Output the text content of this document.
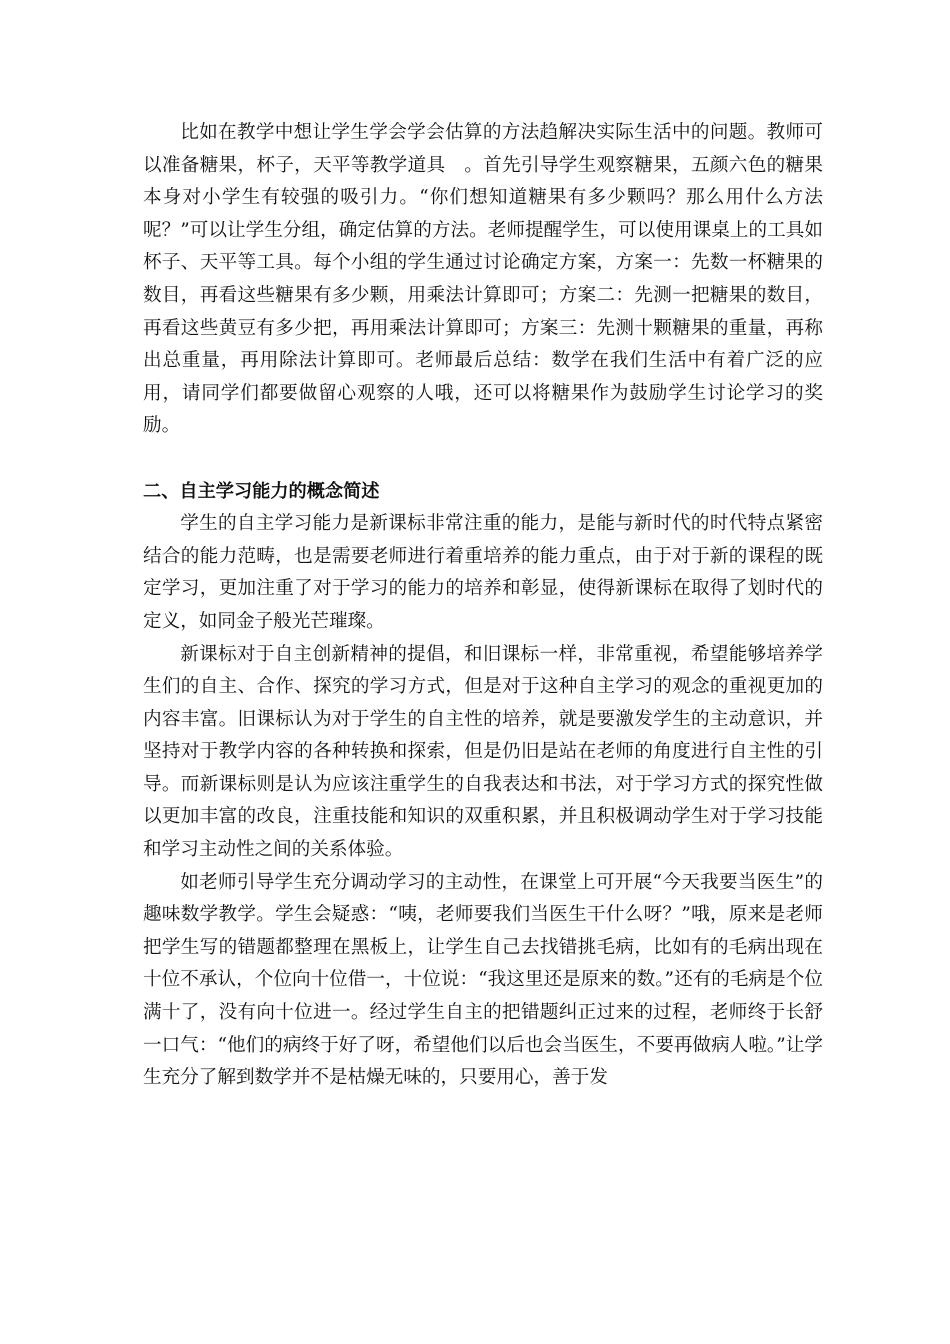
比如在教学中想让学生学会学会估算的方法趋解决实际生活中的问题。教师可以准备糖果，杯子，天平等教学道具　。首先引导学生观察糖果，五颜六色的糖果本身对小学生有较强的吸引力。“你们想知道糖果有多少颗吗？那么用什么方法呢？”可以让学生分组，确定估算的方法。老师提醒学生，可以使用课桌上的工具如杯子、天平等工具。每个小组的学生通过讨论确定方案，方案一：先数一杯糖果的数目，再看这些糖果有多少颗，用乘法计算即可；方案二：先测一把糖果的数目，再看这些黄豆有多少把，再用乘法计算即可；方案三：先测十颗糖果的重量，再称出总重量，再用除法计算即可。老师最后总结：数学在我们生活中有着广泛的应用，请同学们都要做留心观察的人哦，还可以将糖果作为鼓励学生讨论学习的奖励。

二、自主学习能力的概念简述

学生的自主学习能力是新课标非常注重的能力，是能与新时代的时代特点紧密结合的能力范畴，也是需要老师进行着重培养的能力重点，由于对于新的课程的既定学习，更加注重了对于学习的能力的培养和彰显，使得新课标在取得了划时代的定义，如同金子般光芒璀璨。

新课标对于自主创新精神的提倡，和旧课标一样，非常重视，希望能够培养学生们的自主、合作、探究的学习方式，但是对于这种自主学习的观念的重视更加的内容丰富。旧课标认为对于学生的自主性的培养，就是要激发学生的主动意识，并坚持对于教学内容的各种转换和探索，但是仍旧是站在老师的角度进行自主性的引导。而新课标则是认为应该注重学生的自我表达和书法，对于学习方式的探究性做以更加丰富的改良，注重技能和知识的双重积累，并且积极调动学生对于学习技能和学习主动性之间的关系体验。

如老师引导学生充分调动学习的主动性，在课堂上可开展“今天我要当医生”的趣味数学教学。学生会疑惑：“咦，老师要我们当医生干什么呀？”哦，原来是老师把学生写的错题都整理在黑板上，让学生自己去找错挑毛病，比如有的毛病出现在十位不承认，个位向十位借一，十位说：“我这里还是原来的数。”还有的毛病是个位满十了，没有向十位进一。经过学生自主的把错题纠正过来的过程，老师终于长舒一口气：“他们的病终于好了呀，希望他们以后也会当医生，不要再做病人啦。”让学生充分了解到数学并不是枯燥无味的，只要用心，善于发
